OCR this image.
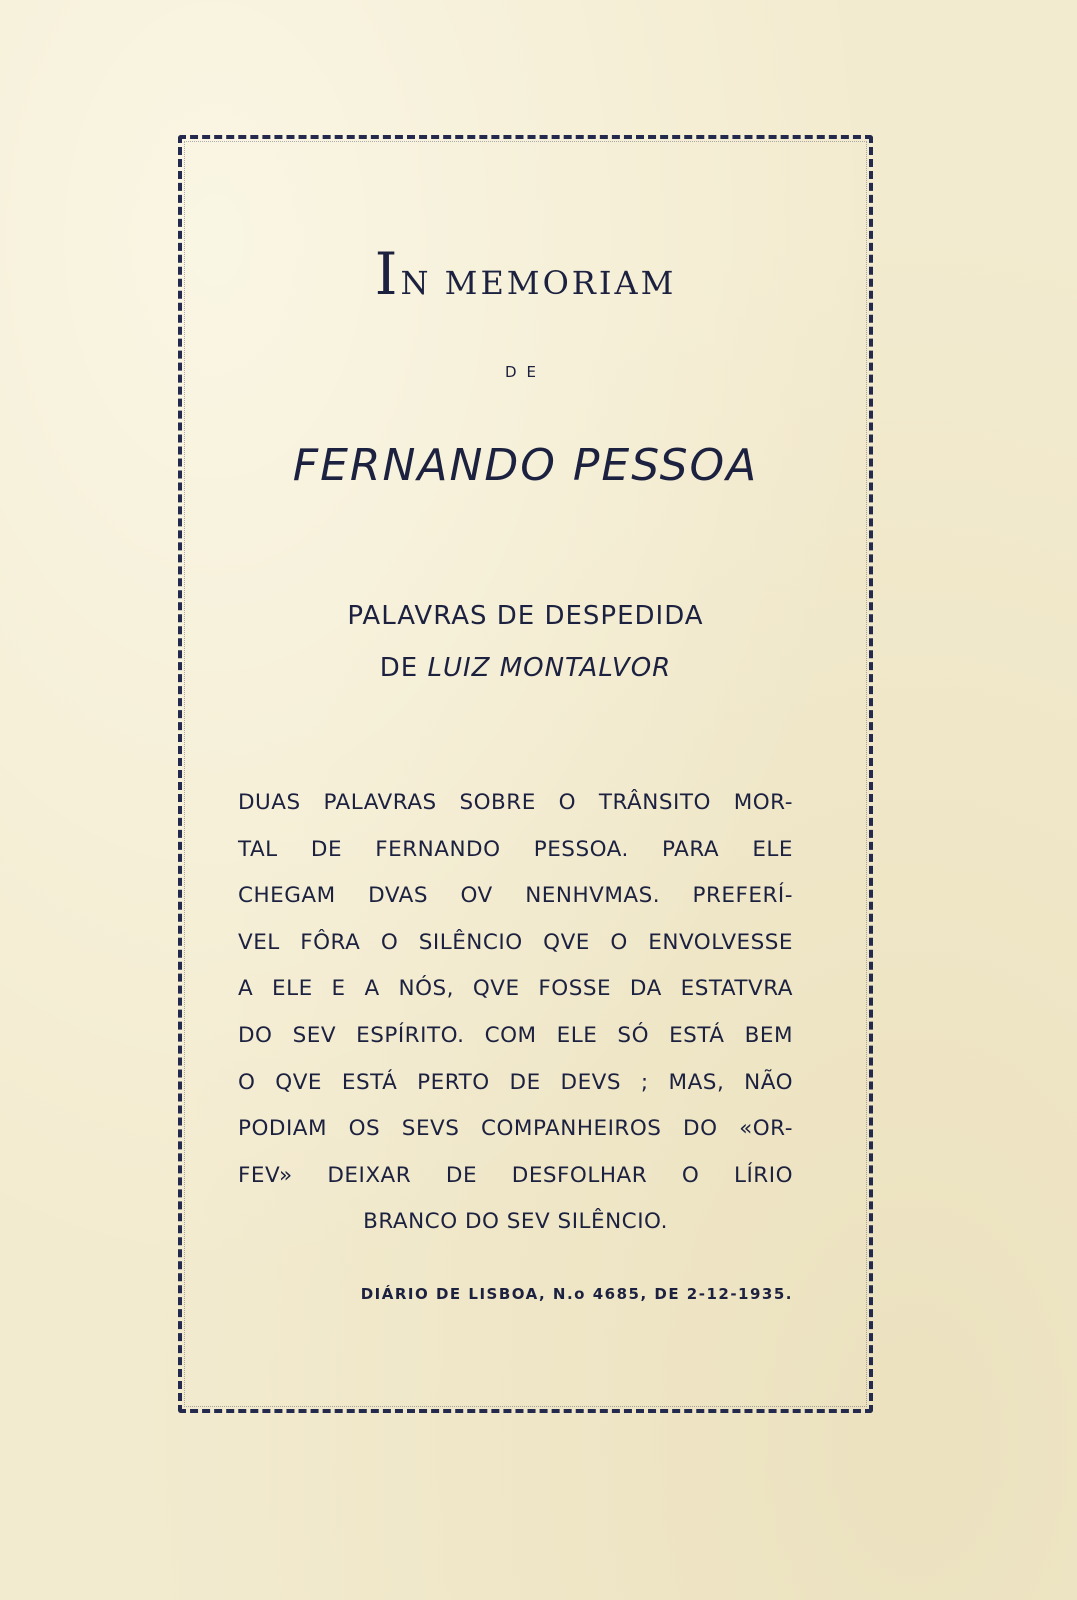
IN MEMORIAM
DE
FERNANDO PESSOA
PALAVRAS DE DESPEDIDA
DE LUIZ MONTALVOR
DUAS PALAVRAS SOBRE O TRÂNSITO MOR-
TAL DE FERNANDO PESSOA. PARA ELE
CHEGAM DVAS OV NENHVMAS. PREFERÍ-
VEL FÔRA O SILÊNCIO QVE O ENVOLVESSE
A ELE E A NÓS, QVE FOSSE DA ESTATVRA
DO SEV ESPÍRITO. COM ELE SÓ ESTÁ BEM
O QVE ESTÁ PERTO DE DEVS ; MAS, NÃO
PODIAM OS SEVS COMPANHEIROS DO «OR-
FEV» DEIXAR DE DESFOLHAR O LÍRIO
BRANCO DO SEV SILÊNCIO.
DIÁRIO DE LISBOA, N.o 4685, DE 2-12-1935.
